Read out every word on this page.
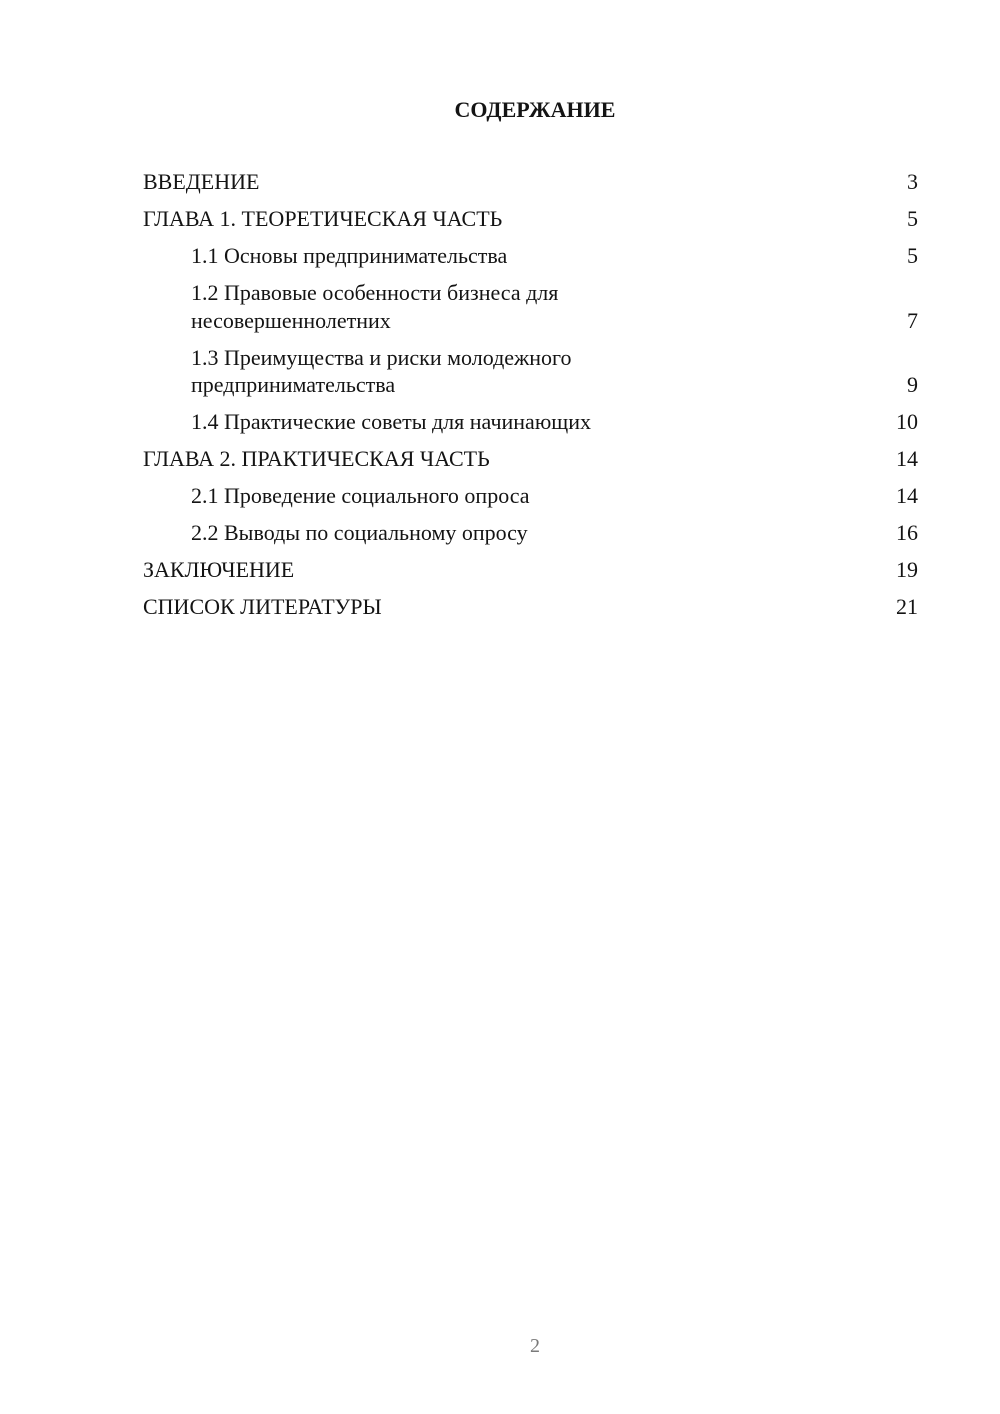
СОДЕРЖАНИЕ
ВВЕДЕНИЕ	3
ГЛАВА 1. ТЕОРЕТИЧЕСКАЯ ЧАСТЬ	5
1.1 Основы предпринимательства	5
1.2 Правовые особенности бизнеса для несовершеннолетних	7
1.3 Преимущества и риски молодежного предпринимательства	9
1.4 Практические советы для начинающих	10
ГЛАВА 2. ПРАКТИЧЕСКАЯ ЧАСТЬ	14
2.1 Проведение социального опроса	14
2.2 Выводы по социальному опросу	16
ЗАКЛЮЧЕНИЕ	19
СПИСОК ЛИТЕРАТУРЫ	21
2
